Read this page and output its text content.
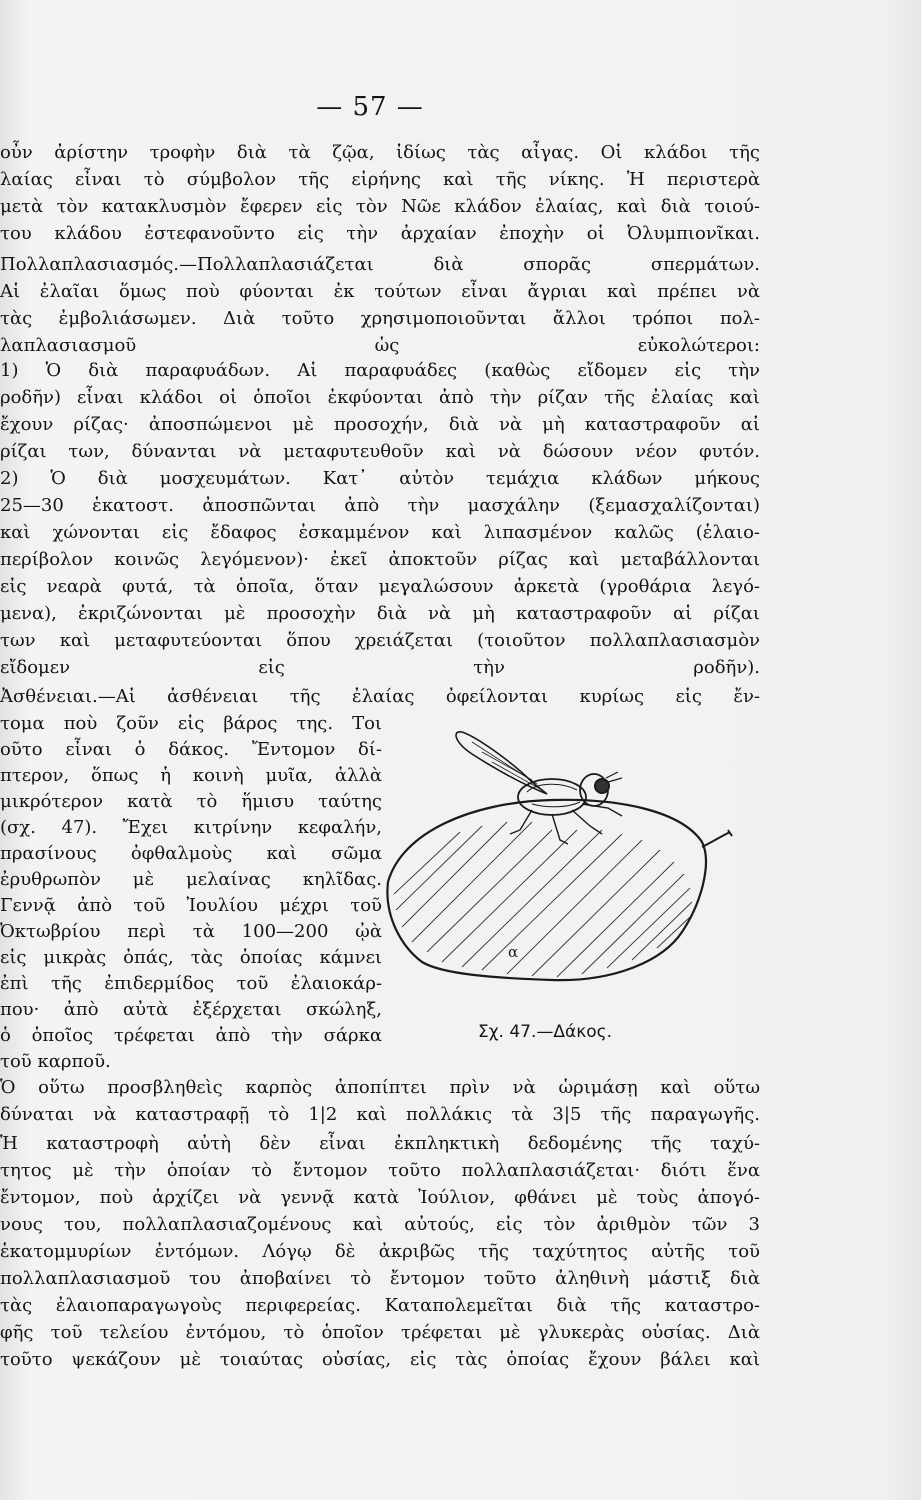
— 57 —
οὖν ἀρίστην τροφὴν διὰ τὰ ζῷα, ἰδίως τὰς αἶγας. Οἱ κλάδοι τῆς
λαίας εἶναι τὸ σύμβολον τῆς εἰρήνης καὶ τῆς νίκης. Ἡ περιστερὰ
μετὰ τὸν κατακλυσμὸν ἔφερεν εἰς τὸν Νῶε κλάδον ἐλαίας, καὶ διὰ τοιού-
του κλάδου ἐστεφανοῦντο εἰς τὴν ἀρχαίαν ἐποχὴν οἱ Ὀλυμπιονῖκαι.
Πολλαπλασιασμός.—Πολλαπλασιάζεται διὰ σπορᾶς σπερμάτων.
Αἱ ἐλαῖαι ὅμως ποὺ φύονται ἐκ τούτων εἶναι ἄγριαι καὶ πρέπει νὰ
τὰς ἐμβολιάσωμεν. Διὰ τοῦτο χρησιμοποιοῦνται ἄλλοι τρόποι πολ-
λαπλασιασμοῦ ὡς εὐκολώτεροι:
1) Ὁ διὰ παραφυάδων. Αἱ παραφυάδες (καθὼς εἴδομεν εἰς τὴν
ροδῆν) εἶναι κλάδοι οἱ ὁποῖοι ἐκφύονται ἀπὸ τὴν ρίζαν τῆς ἐλαίας καὶ
ἔχουν ρίζας· ἀποσπώμενοι μὲ προσοχήν, διὰ νὰ μὴ καταστραφοῦν αἱ
ρίζαι των, δύνανται νὰ μεταφυτευθοῦν καὶ νὰ δώσουν νέον φυτόν.
2) Ὁ διὰ μοσχευμάτων. Κατ᾽ αὐτὸν τεμάχια κλάδων μήκους
25—30 ἑκατοστ. ἀποσπῶνται ἀπὸ τὴν μασχάλην (ξεμασχαλίζονται)
καὶ χώνονται εἰς ἔδαφος ἐσκαμμένον καὶ λιπασμένον καλῶς (ἐλαιο-
περίβολον κοινῶς λεγόμενον)· ἐκεῖ ἀποκτοῦν ρίζας καὶ μεταβάλλονται
εἰς νεαρὰ φυτά, τὰ ὁποῖα, ὅταν μεγαλώσουν ἀρκετὰ (γροθάρια λεγό-
μενα), ἐκριζώνονται μὲ προσοχὴν διὰ νὰ μὴ καταστραφοῦν αἱ ρίζαι
των καὶ μεταφυτεύονται ὅπου χρειάζεται (τοιοῦτον πολλαπλασιασμὸν
εἴδομεν εἰς τὴν ροδῆν).
Ἀσθένειαι.—Αἱ ἀσθένειαι τῆς ἐλαίας ὀφείλονται κυρίως εἰς ἔν-
τομα ποὺ ζοῦν εἰς βάρος της. Τοι
οῦτο εἶναι ὁ δάκος. Ἔντομον δί-
πτερον, ὅπως ἡ κοινὴ μυῖα, ἀλλὰ
μικρότερον κατὰ τὸ ἥμισυ ταύτης
(σχ. 47). Ἔχει κιτρίνην κεφαλήν,
πρασίνους ὀφθαλμοὺς καὶ σῶμα
ἐρυθρωπὸν μὲ μελαίνας κηλῖδας.
Γεννᾷ ἀπὸ τοῦ Ἰουλίου μέχρι τοῦ
Ὀκτωβρίου περὶ τὰ 100—200 ᾠὰ
εἰς μικρὰς ὀπάς, τὰς ὁποίας κάμνει
ἐπὶ τῆς ἐπιδερμίδος τοῦ ἐλαιοκάρ-
που· ἀπὸ αὐτὰ ἐξέρχεται σκώληξ,
ὁ ὁποῖος τρέφεται ἀπὸ τὴν σάρκα
τοῦ καρποῦ.
α
Σχ. 47.—Δάκος.
Ὁ οὕτω προσβληθεὶς καρπὸς ἀποπίπτει πρὶν νὰ ὡριμάσῃ καὶ οὕτω
δύναται νὰ καταστραφῇ τὸ 1|2 καὶ πολλάκις τὰ 3|5 τῆς παραγωγῆς.
Ἡ καταστροφὴ αὐτὴ δὲν εἶναι ἐκπληκτικὴ δεδομένης τῆς ταχύ-
τητος μὲ τὴν ὁποίαν τὸ ἔντομον τοῦτο πολλαπλασιάζεται· διότι ἕνα
ἔντομον, ποὺ ἀρχίζει νὰ γεννᾷ κατὰ Ἰούλιον, φθάνει μὲ τοὺς ἀπογό-
νους του, πολλαπλασιαζομένους καὶ αὐτούς, εἰς τὸν ἀριθμὸν τῶν 3
ἑκατομμυρίων ἐντόμων. Λόγῳ δὲ ἀκριβῶς τῆς ταχύτητος αὐτῆς τοῦ
πολλαπλασιασμοῦ του ἀποβαίνει τὸ ἔντομον τοῦτο ἀληθινὴ μάστιξ διὰ
τὰς ἐλαιοπαραγωγοὺς περιφερείας. Καταπολεμεῖται διὰ τῆς καταστρο-
φῆς τοῦ τελείου ἐντόμου, τὸ ὁποῖον τρέφεται μὲ γλυκερὰς οὐσίας. Διὰ
τοῦτο ψεκάζουν μὲ τοιαύτας οὐσίας, εἰς τὰς ὁποίας ἔχουν βάλει καὶ
